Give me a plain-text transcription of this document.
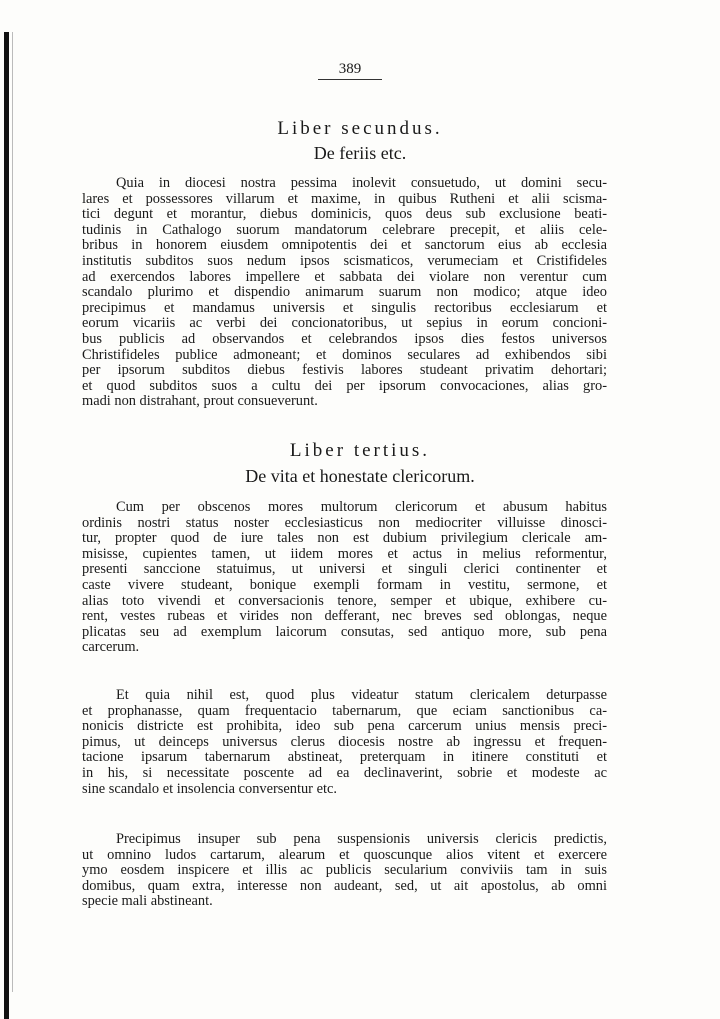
389
Liber secundus.
De feriis etc.
Quia in diocesi nostra pessima inolevit consuetudo, ut domini secu-
lares et possessores villarum et maxime, in quibus Rutheni et alii scisma-
tici degunt et morantur, diebus dominicis, quos deus sub exclusione beati-
tudinis in Cathalogo suorum mandatorum celebrare precepit, et aliis cele-
bribus in honorem eiusdem omnipotentis dei et sanctorum eius ab ecclesia
institutis subditos suos nedum ipsos scismaticos, verumeciam et Cristifideles
ad exercendos labores impellere et sabbata dei violare non verentur cum
scandalo plurimo et dispendio animarum suarum non modico; atque ideo
precipimus et mandamus universis et singulis rectoribus ecclesiarum et
eorum vicariis ac verbi dei concionatoribus, ut sepius in eorum concioni-
bus publicis ad observandos et celebrandos ipsos dies festos universos
Christifideles publice admoneant; et dominos seculares ad exhibendos sibi
per ipsorum subditos diebus festivis labores studeant privatim dehortari;
et quod subditos suos a cultu dei per ipsorum convocaciones, alias gro-
madi non distrahant, prout consueverunt.
Liber tertius.
De vita et honestate clericorum.
Cum per obscenos mores multorum clericorum et abusum habitus
ordinis nostri status noster ecclesiasticus non mediocriter villuisse dinosci-
tur, propter quod de iure tales non est dubium privilegium clericale am-
misisse, cupientes tamen, ut iidem mores et actus in melius reformentur,
presenti sanccione statuimus, ut universi et singuli clerici continenter et
caste vivere studeant, bonique exempli formam in vestitu, sermone, et
alias toto vivendi et conversacionis tenore, semper et ubique, exhibere cu-
rent, vestes rubeas et virides non defferant, nec breves sed oblongas, neque
plicatas seu ad exemplum laicorum consutas, sed antiquo more, sub pena
carcerum.
Et quia nihil est, quod plus videatur statum clericalem deturpasse
et prophanasse, quam frequentacio tabernarum, que eciam sanctionibus ca-
nonicis districte est prohibita, ideo sub pena carcerum unius mensis preci-
pimus, ut deinceps universus clerus diocesis nostre ab ingressu et frequen-
tacione ipsarum tabernarum abstineat, preterquam in itinere constituti et
in his, si necessitate poscente ad ea declinaverint, sobrie et modeste ac
sine scandalo et insolencia conversentur etc.
Precipimus insuper sub pena suspensionis universis clericis predictis,
ut omnino ludos cartarum, alearum et quoscunque alios vitent et exercere
ymo eosdem inspicere et illis ac publicis secularium conviviis tam in suis
domibus, quam extra, interesse non audeant, sed, ut ait apostolus, ab omni
specie mali abstineant.
